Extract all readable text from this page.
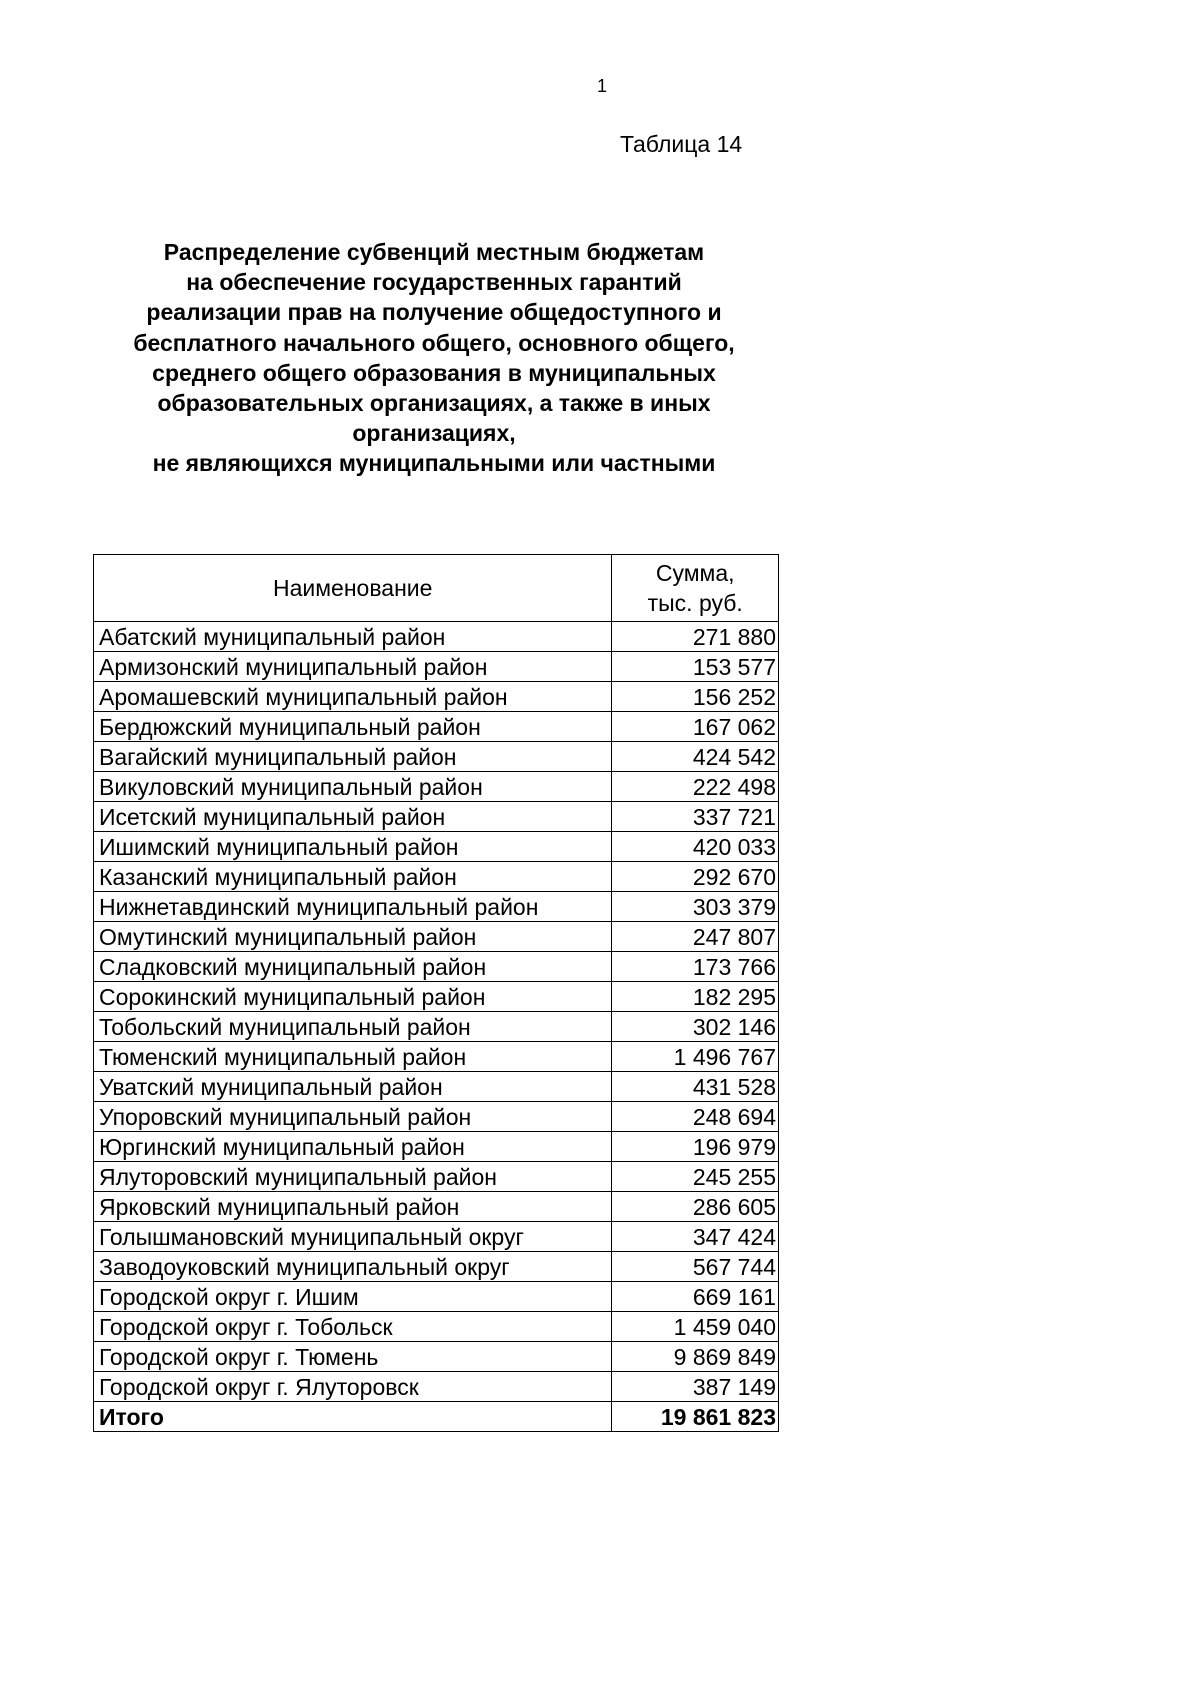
1
Таблица 14
Распределение субвенций местным бюджетам
на обеспечение государственных гарантий
реализации прав на получение общедоступного и
бесплатного начального общего, основного общего,
среднего общего образования в муниципальных
образовательных организациях, а также в иных
организациях,
не являющихся муниципальными или частными
Наименование	Сумма,
тыс. руб.

Абатский муниципальный район	271 880
Армизонский муниципальный район	153 577
Аромашевский муниципальный район	156 252
Бердюжский муниципальный район	167 062
Вагайский муниципальный район	424 542
Викуловский муниципальный район	222 498
Исетский муниципальный район	337 721
Ишимский муниципальный район	420 033
Казанский муниципальный район	292 670
Нижнетавдинский муниципальный район	303 379
Омутинский муниципальный район	247 807
Сладковский муниципальный район	173 766
Сорокинский муниципальный район	182 295
Тобольский муниципальный район	302 146
Тюменский муниципальный район	1 496 767
Уватский муниципальный район	431 528
Упоровский муниципальный район	248 694
Юргинский муниципальный район	196 979
Ялуторовский муниципальный район	245 255
Ярковский муниципальный район	286 605
Голышмановский муниципальный округ	347 424
Заводоуковский муниципальный округ	567 744
Городской округ г. Ишим	669 161
Городской округ г. Тобольск	1 459 040
Городской округ г. Тюмень	9 869 849
Городской округ г. Ялуторовск	387 149
Итого	19 861 823
